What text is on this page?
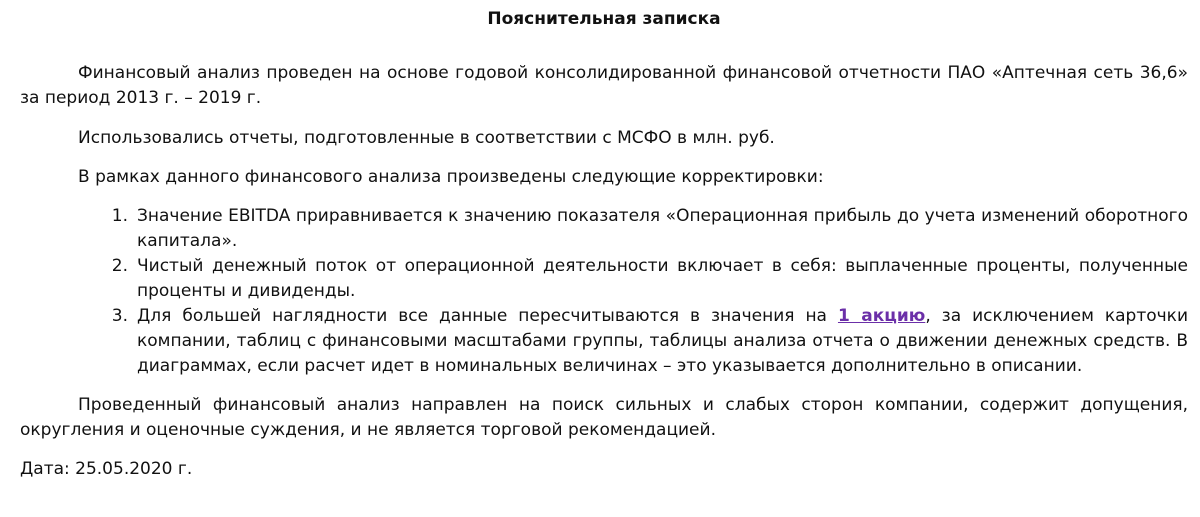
Пояснительная записка

Финансовый анализ проведен на основе годовой консолидированной финансовой отчетности ПАО «Аптечная сеть 36,6» за период 2013 г. – 2019 г.

Использовались отчеты, подготовленные в соответствии с МСФО в млн. руб.

В рамках данного финансового анализа произведены следующие корректировки:

1. Значение EBITDA приравнивается к значению показателя «Операционная прибыль до учета изменений оборотного капитала».
2. Чистый денежный поток от операционной деятельности включает в себя: выплаченные проценты, полученные проценты и дивиденды.
3. Для большей наглядности все данные пересчитываются в значения на 1 акцию, за исключением карточки компании, таблиц с финансовыми масштабами группы, таблицы анализа отчета о движении денежных средств. В диаграммах, если расчет идет в номинальных величинах – это указывается дополнительно в описании.

Проведенный финансовый анализ направлен на поиск сильных и слабых сторон компании, содержит допущения, округления и оценочные суждения, и не является торговой рекомендацией.

Дата: 25.05.2020 г.
